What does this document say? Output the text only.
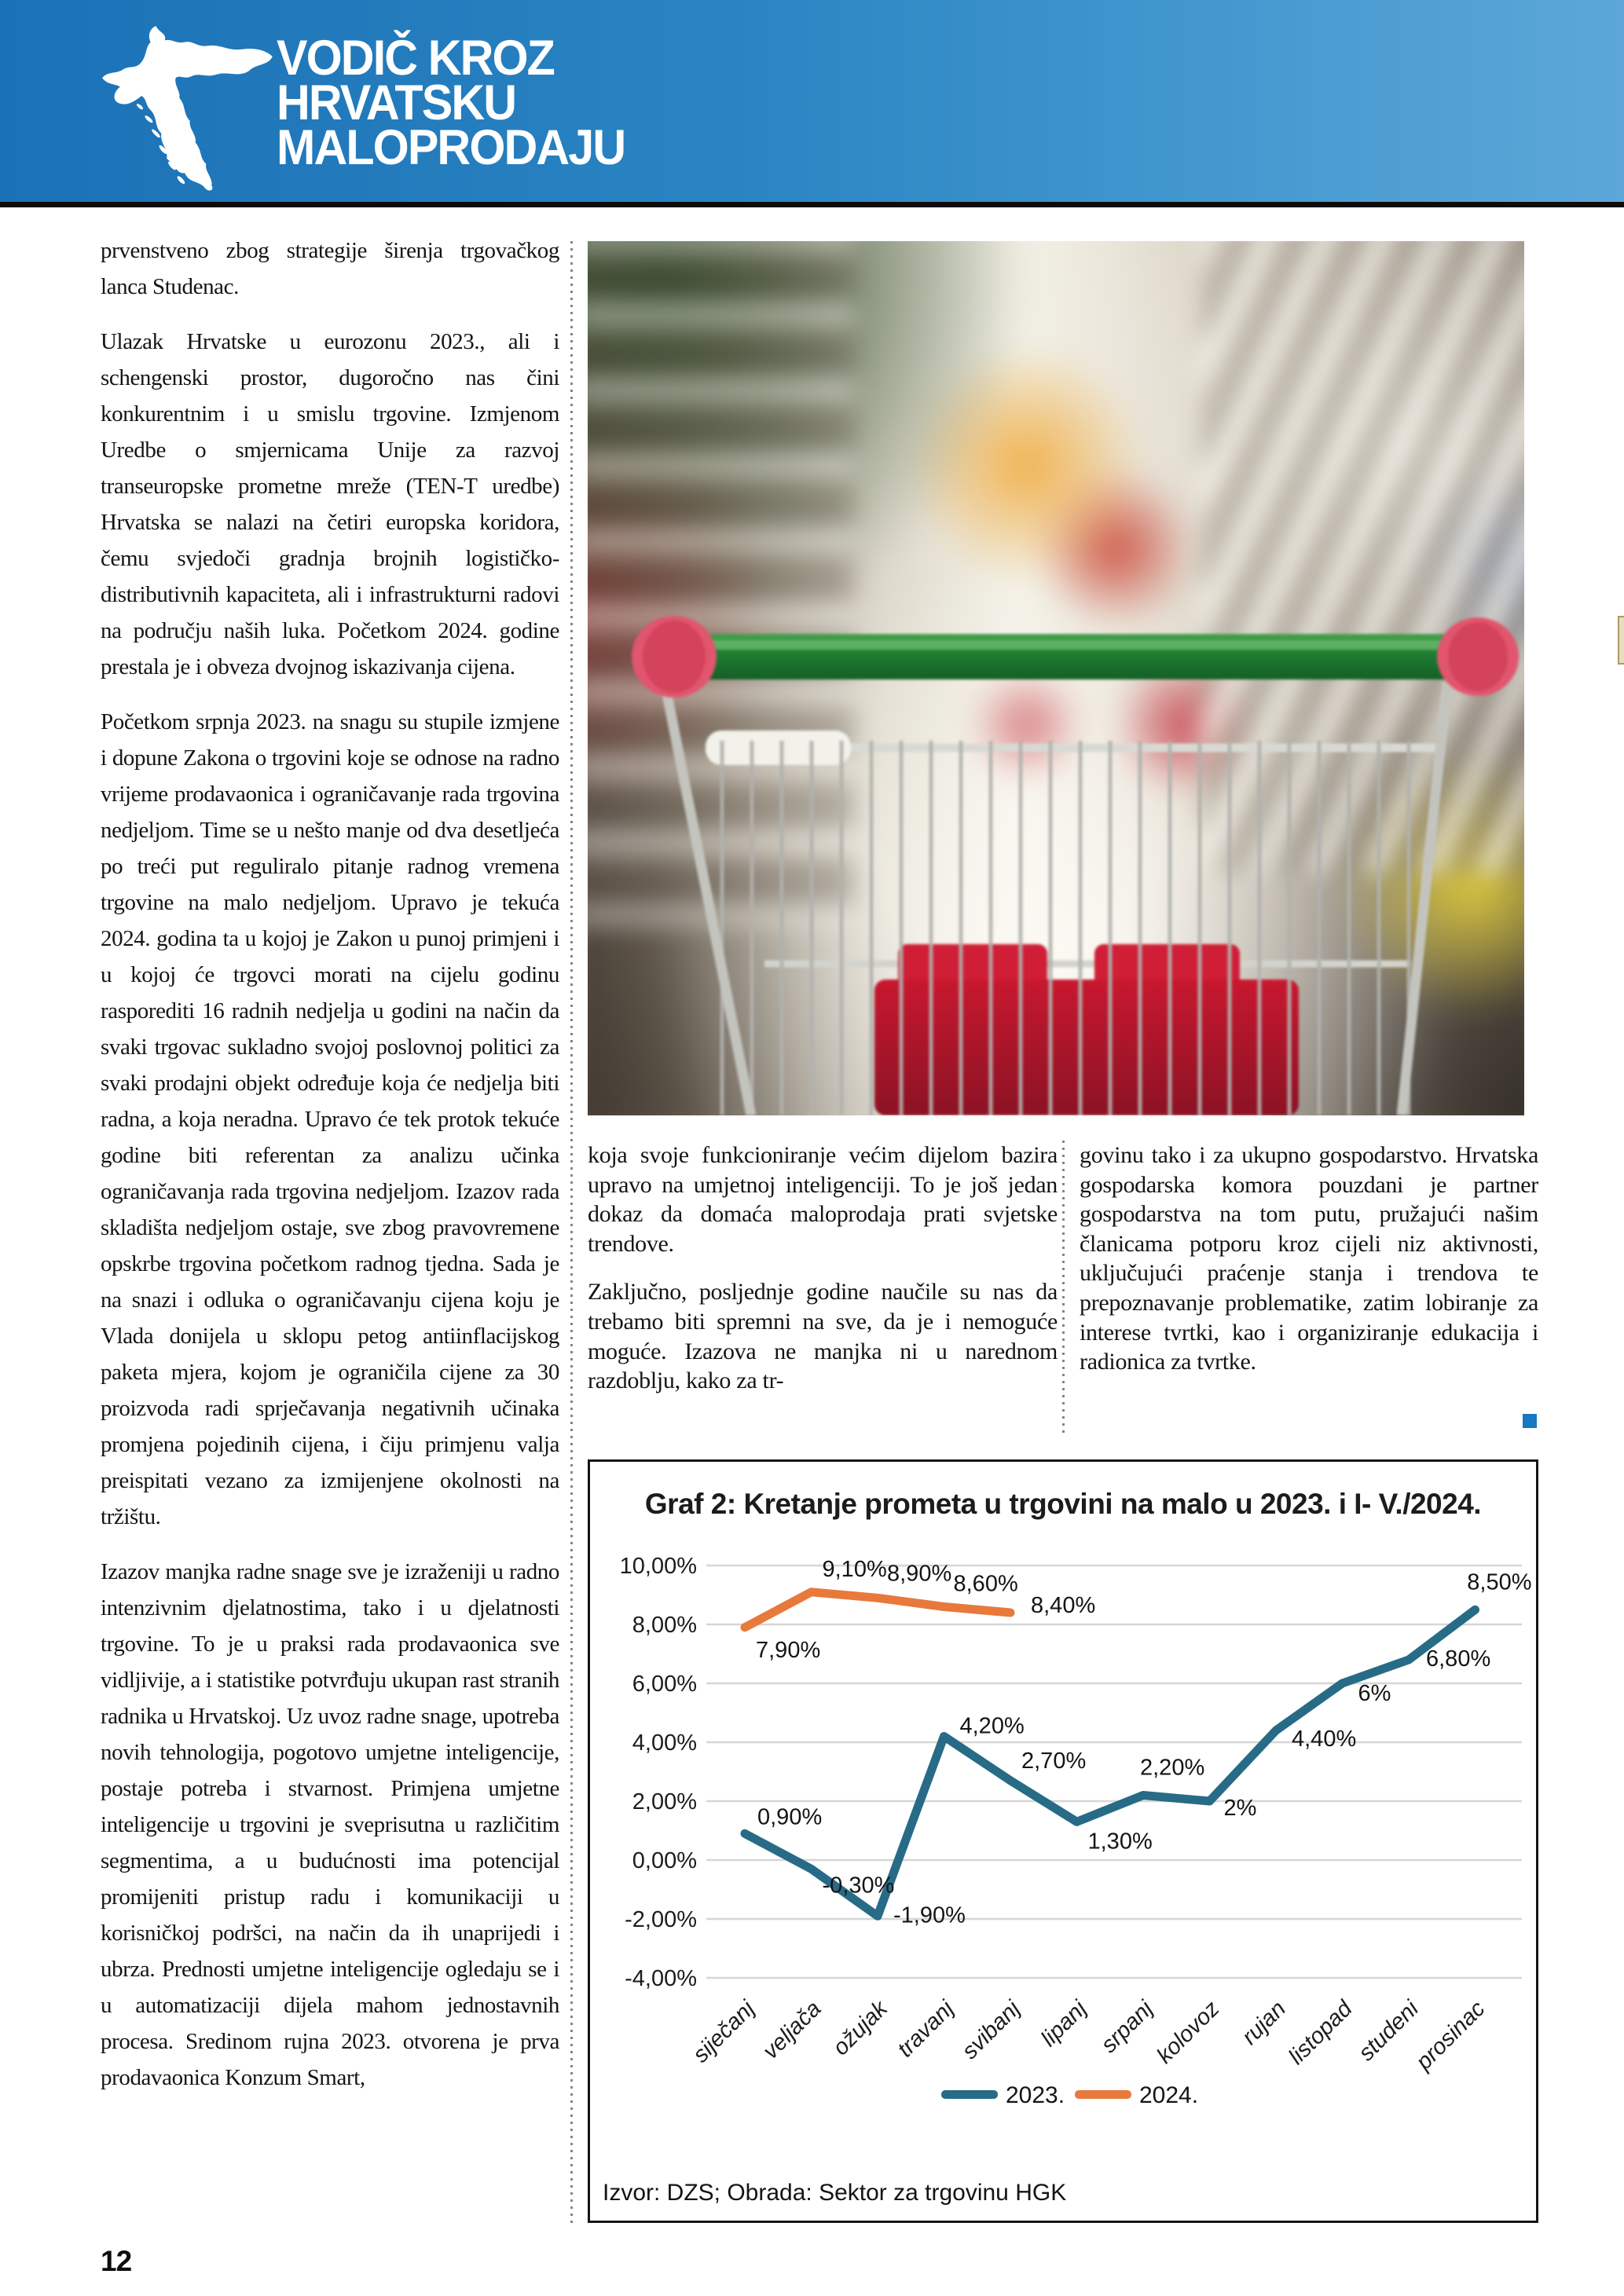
VODIČ KROZ
HRVATSKU
MALOPRODAJU

prvenstveno zbog strategije širenja trgovačkog lanca Studenac.

Ulazak Hrvatske u eurozonu 2023., ali i schengenski prostor, dugoročno nas čini konkurentnim i u smislu trgovine. Izmjenom Uredbe o smjernicama Unije za razvoj transeuropske prometne mreže (TEN-T uredbe) Hrvatska se nalazi na četiri europska koridora, čemu svjedoči gradnja brojnih logističko-distributivnih kapaciteta, ali i infrastrukturni radovi na području naših luka. Početkom 2024. godine prestala je i obveza dvojnog iskazivanja cijena.

Početkom srpnja 2023. na snagu su stupile izmjene i dopune Zakona o trgovini koje se odnose na radno vrijeme prodavaonica i ograničavanje rada trgovina nedjeljom. Time se u nešto manje od dva desetljeća po treći put reguliralo pitanje radnog vremena trgovine na malo nedjeljom. Upravo je tekuća 2024. godina ta u kojoj je Zakon u punoj primjeni i u kojoj će trgovci morati na cijelu godinu rasporediti 16 radnih nedjelja u godini na način da svaki trgovac sukladno svojoj poslovnoj politici za svaki prodajni objekt određuje koja će nedjelja biti radna, a koja neradna. Upravo će tek protok tekuće godine biti referentan za analizu učinka ograničavanja rada trgovina nedjeljom. Izazov rada skladišta nedjeljom ostaje, sve zbog pravovremene opskrbe trgovina početkom radnog tjedna. Sada je na snazi i odluka o ograničavanju cijena koju je Vlada donijela u sklopu petog antiinflacijskog paketa mjera, kojom je ograničila cijene za 30 proizvoda radi sprječavanja negativnih učinaka promjena pojedinih cijena, i čiju primjenu valja preispitati vezano za izmijenjene okolnosti na tržištu.

Izazov manjka radne snage sve je izraženiji u radno intenzivnim djelatnostima, tako i u djelatnosti trgovine. To je u praksi rada prodavaonica sve vidljivije, a i statistike potvrđuju ukupan rast stranih radnika u Hrvatskoj. Uz uvoz radne snage, upotreba novih tehnologija, pogotovo umjetne inteligencije, postaje potreba i stvarnost. Primjena umjetne inteligencije u trgovini je sveprisutna u različitim segmentima, a u budućnosti ima potencijal promijeniti pristup radu i komunikaciji u korisničkoj podršci, na način da ih unaprijedi i ubrza. Prednosti umjetne inteligencije ogledaju se i u automatizaciji dijela mahom jednostavnih procesa. Sredinom rujna 2023. otvorena je prva prodavaonica Konzum Smart,

koja svoje funkcioniranje većim dijelom bazira upravo na umjetnoj inteligenciji. To je još jedan dokaz da domaća maloprodaja prati svjetske trendove.

Zaključno, posljednje godine naučile su nas da trebamo biti spremni na sve, da je i nemoguće moguće. Izazova ne manjka ni u narednom razdoblju, kako za tr-

govinu tako i za ukupno gospodarstvo. Hrvatska gospodarska komora pouzdani je partner gospodarstva na tom putu, pružajući našim članicama potporu kroz cijeli niz aktivnosti, uključujući praćenje stanja i trendova te prepoznavanje problematike, zatim lobiranje za interese tvrtki, kao i organiziranje edukacija i radionica za tvrtke.

Graf 2: Kretanje prometa u trgovini na malo u 2023. i I- V./2024.
10,00%
8,00%
6,00%
4,00%
2,00%
0,00%
-2,00%
-4,00%
siječanj
veljača ožujak travanj
svibanj lipanj srpanj
kolovoz rujan
listopad
studeni
prosinac
0,90%
-0,30%
-1,90%
4,20%
2,70%
1,30%
2,20%
2%
4,40%
6%
6,80%
8,50%
7,90%
9,10% 8,90% 8,60%
8,40%
2023.	2024.
Izvor: DZS; Obrada: Sektor za trgovinu HGK
12
